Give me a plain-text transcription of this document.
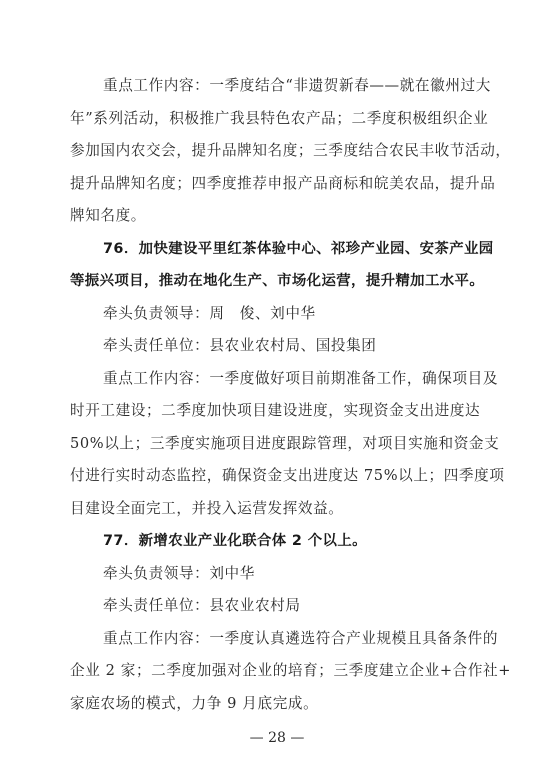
重点工作内容：一季度结合“非遗贺新春——就在徽州过大
年”系列活动，积极推广我县特色农产品；二季度积极组织企业
参加国内农交会，提升品牌知名度；三季度结合农民丰收节活动，
提升品牌知名度；四季度推荐申报产品商标和皖美农品，提升品
牌知名度。
76．加快建设平里红茶体验中心、祁珍产业园、安茶产业园
等振兴项目，推动在地化生产、市场化运营，提升精加工水平。
牵头负责领导：周　俊、刘中华
牵头责任单位：县农业农村局、国投集团
重点工作内容：一季度做好项目前期准备工作，确保项目及
时开工建设；二季度加快项目建设进度，实现资金支出进度达
50%以上；三季度实施项目进度跟踪管理，对项目实施和资金支
付进行实时动态监控，确保资金支出进度达 75%以上；四季度项
目建设全面完工，并投入运营发挥效益。
77．新增农业产业化联合体 2 个以上。
牵头负责领导：刘中华
牵头责任单位：县农业农村局
重点工作内容：一季度认真遴选符合产业规模且具备条件的
企业 2 家；二季度加强对企业的培育；三季度建立企业+合作社+
家庭农场的模式，力争 9 月底完成。
— 28 —
